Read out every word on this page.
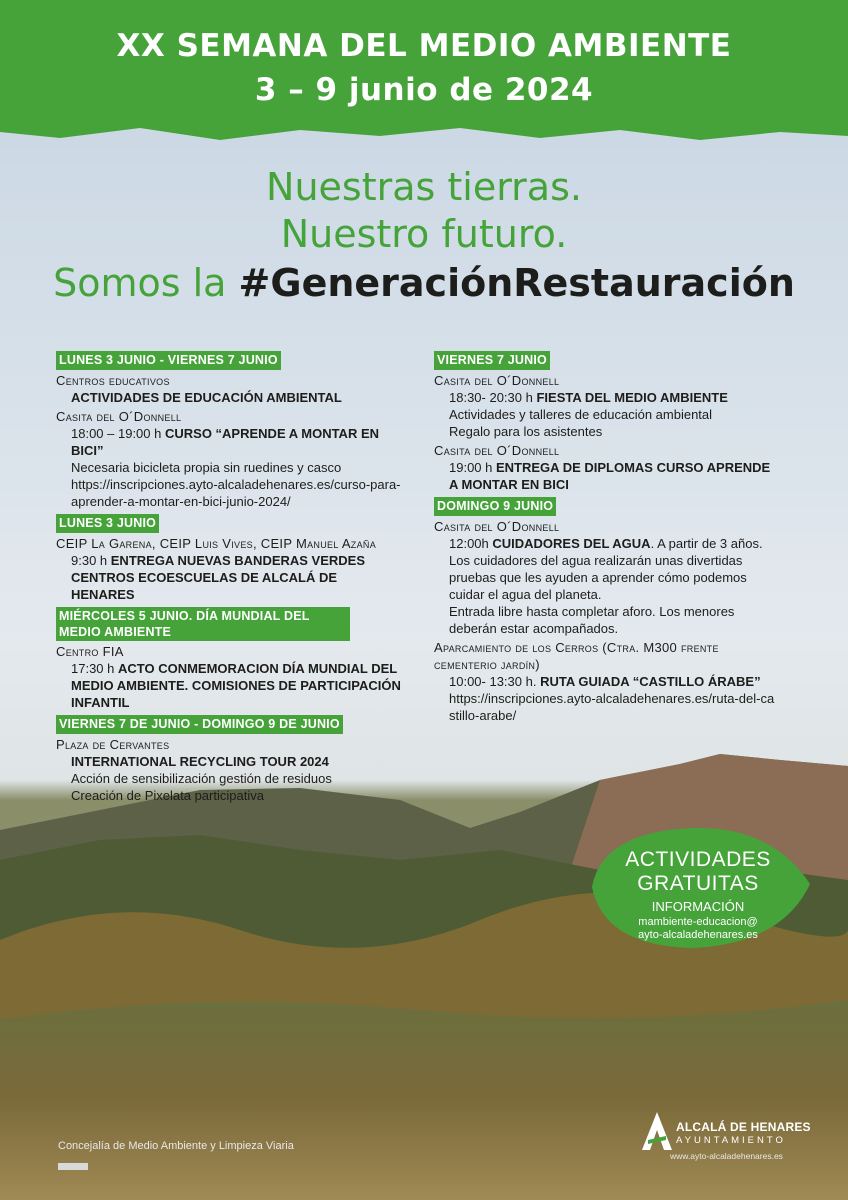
XX SEMANA DEL MEDIO AMBIENTE
3 – 9 junio de 2024
Nuestras tierras.
Nuestro futuro.
Somos la #GeneraciónRestauración
LUNES 3 JUNIO - VIERNES 7 JUNIO
Centros educativos
ACTIVIDADES DE EDUCACIÓN AMBIENTAL
Casita del O´Donnell
18:00 – 19:00 h CURSO “APRENDE A MONTAR EN BICI”
Necesaria bicicleta propia sin ruedines y casco
https://inscripciones.ayto-alcaladehenares.es/curso-para-aprender-a-montar-en-bici-junio-2024/
LUNES 3 JUNIO
CEIP La Garena, CEIP Luis Vives, CEIP Manuel Azaña
9:30 h ENTREGA NUEVAS BANDERAS VERDES CENTROS ECOESCUELAS DE ALCALÁ DE HENARES
MIÉRCOLES 5 JUNIO. DÍA MUNDIAL DEL MEDIO AMBIENTE
Centro FIA
17:30 h ACTO CONMEMORACION DÍA MUNDIAL DEL MEDIO AMBIENTE. COMISIONES DE PARTICIPACIÓN INFANTIL
VIERNES 7 DE JUNIO - DOMINGO 9 DE JUNIO
Plaza de Cervantes
INTERNATIONAL RECYCLING TOUR 2024
Acción de sensibilización gestión de residuos
Creación de Pixelata participativa
VIERNES 7 JUNIO
Casita del O´Donnell
18:30- 20:30 h FIESTA DEL MEDIO AMBIENTE
Actividades y talleres de educación ambiental
Regalo para los asistentes
Casita del O´Donnell
19:00 h ENTREGA DE DIPLOMAS CURSO APRENDE A MONTAR EN BICI
DOMINGO 9 JUNIO
Casita del O´Donnell
12:00h CUIDADORES DEL AGUA. A partir de 3 años. Los cuidadores del agua realizarán unas divertidas pruebas que les ayuden a aprender cómo podemos cuidar el agua del planeta.
Entrada libre hasta completar aforo. Los menores deberán estar acompañados.
Aparcamiento de los Cerros (Ctra. M300 frente cementerio jardín)
10:00- 13:30 h. RUTA GUIADA “CASTILLO ÁRABE”
https://inscripciones.ayto-alcaladehenares.es/ruta-del-castillo-arabe/
ACTIVIDADES
GRATUITAS
INFORMACIÓN
mambiente-educacion@
ayto-alcaladehenares.es
Concejalía de Medio Ambiente y Limpieza Viaria
ALCALÁ DE HENARES
AYUNTAMIENTO
www.ayto-alcaladehenares.es
